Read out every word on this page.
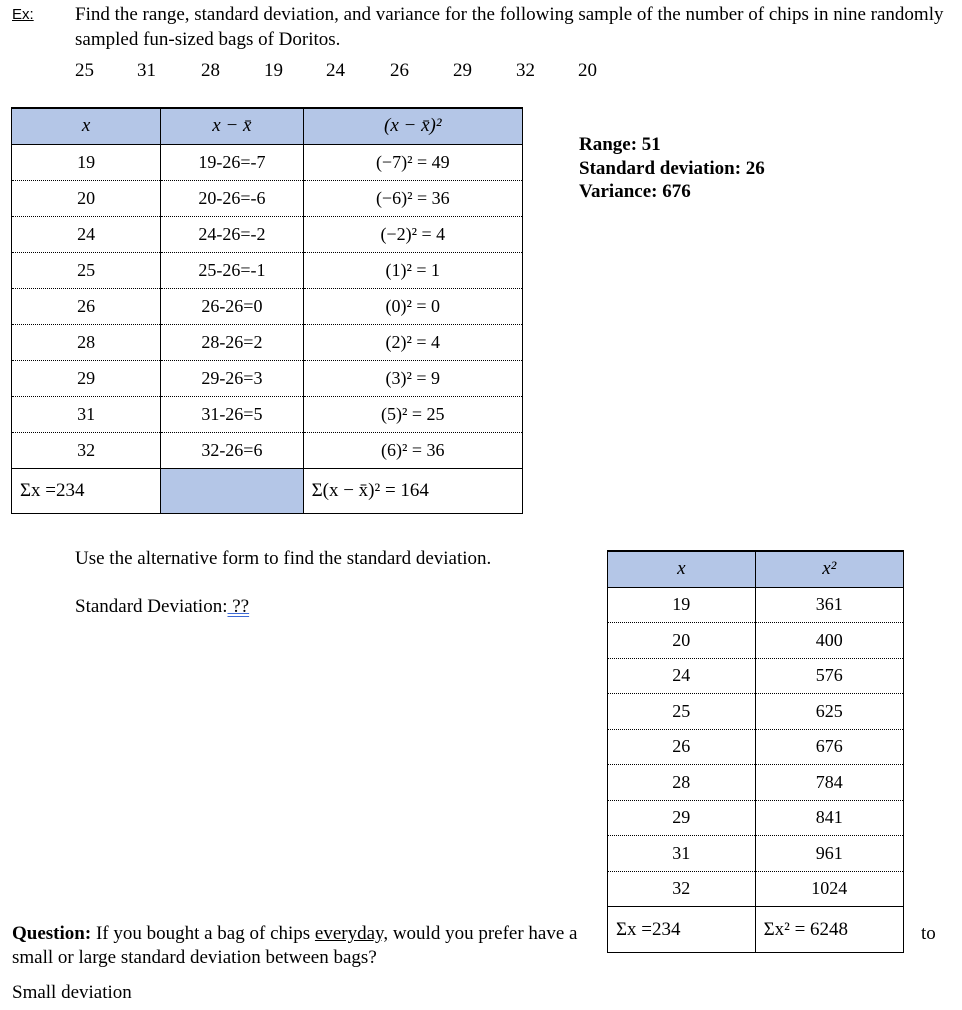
Ex: Find the range, standard deviation, and variance for the following sample of the number of chips in nine randomly sampled fun-sized bags of Doritos.
25 31 28 19 24 26 29 32 20
x	x − x̄	(x − x̄)²
19	19-26=-7	(−7)² = 49
20	20-26=-6	(−6)² = 36
24	24-26=-2	(−2)² = 4
25	25-26=-1	(1)² = 1
26	26-26=0	(0)² = 0
28	28-26=2	(2)² = 4
29	29-26=3	(3)² = 9
31	31-26=5	(5)² = 25
32	32-26=6	(6)² = 36
Σx =234		Σ(x − x̄)² = 164
Range: 51
Standard deviation: 26
Variance: 676
Use the alternative form to find the standard deviation.
Standard Deviation: ??
x	x²
19	361
20	400
24	576
25	625
26	676
28	784
29	841
31	961
32	1024
Σx =234	Σx² = 6248
Question: If you bought a bag of chips everyday, would you prefer have a small or large standard deviation between bags?
to
Small deviation
